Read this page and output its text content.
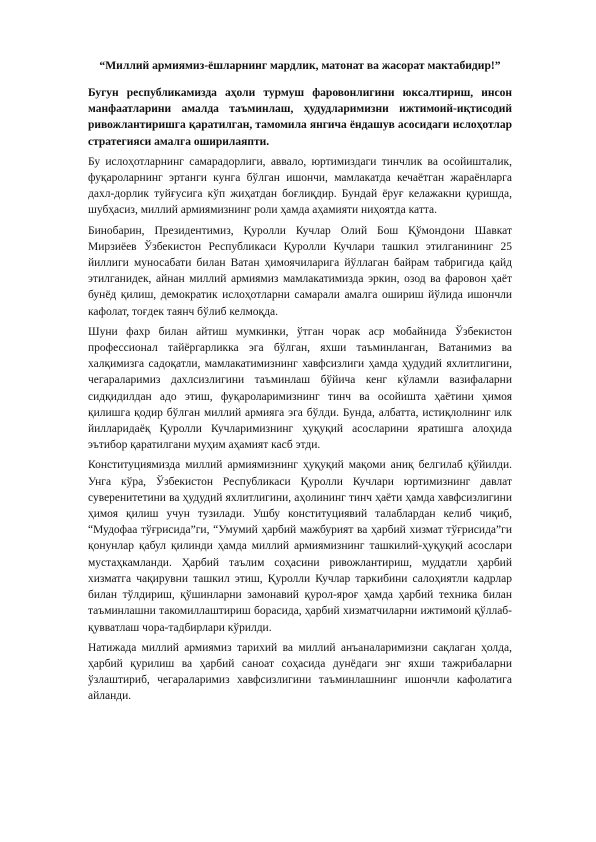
“Миллий армиямиз-ёшларнинг мардлик, матонат ва жасорат мактабидир!”

Бугун республикамизда аҳоли турмуш фаровонлигини юксалтириш, инсон манфаатларини амалда таъминлаш, ҳудудларимизни ижтимоий-иқтисодий ривожлантиришга қаратилган, тамомила янгича ёндашув асосидаги ислоҳотлар стратегияси амалга оширилаяпти.

Бу ислоҳотларнинг самарадорлиги, аввало, юртимиздаги тинчлик ва осойишталик, фуқароларнинг эртанги кунга бўлган ишончи, мамлакатда кечаётган жараёнларга дахл-дорлик туйғусига кўп жиҳатдан боғлиқдир. Бундай ёруғ келажакни қуришда, шубҳасиз, миллий армиямизнинг роли ҳамда аҳамияти ниҳоятда катта.

Бинобарин, Президентимиз, Қуролли Кучлар Олий Бош Қўмондони Шавкат Мирзиёев Ўзбекистон Республикаси Қуролли Кучлари ташкил этилганининг 25 йиллиги муносабати билан Ватан ҳимоячиларига йўллаган байрам табригида қайд этилганидек, айнан миллий армиямиз мамлакатимизда эркин, озод ва фаровон ҳаёт бунёд қилиш, демократик ислоҳотларни самарали амалга ошириш йўлида ишончли кафолат, тоғдек таянч бўлиб келмоқда.

Шуни фахр билан айтиш мумкинки, ўтган чорак аср мобайнида Ўзбекистон профессионал тайёргарликка эга бўлган, яхши таъминланган, Ватанимиз ва халқимизга садоқатли, мамлакатимизнинг хавфсизлиги ҳамда ҳудудий яхлитлигини, чегараларимиз дахлсизлигини таъминлаш бўйича кенг кўламли вазифаларни сидқидилдан адо этиш, фуқароларимизнинг тинч ва осойишта ҳаётини ҳимоя қилишга қодир бўлган миллий армияга эга бўлди. Бунда, албатта, истиқлолнинг илк йилларидаёқ Қуролли Кучларимизнинг ҳуқуқий асосларини яратишга алоҳида эътибор қаратилгани муҳим аҳамият касб этди.

Конституциямизда миллий армиямизнинг ҳуқуқий мақоми аниқ белгилаб қўйилди. Унга кўра, Ўзбекистон Республикаси Қуролли Кучлари юртимизнинг давлат суверенитетини ва ҳудудий яхлитлигини, аҳолининг тинч ҳаёти ҳамда хавфсизлигини ҳимоя қилиш учун тузилади. Ушбу конституциявий талаблардан келиб чиқиб, “Мудофаа тўғрисида”ги, “Умумий ҳарбий мажбурият ва ҳарбий хизмат тўғрисида”ги қонунлар қабул қилинди ҳамда миллий армиямизнинг ташкилий-ҳуқуқий асослари мустаҳкамланди. Ҳарбий таълим соҳасини ривожлантириш, муддатли ҳарбий хизматга чақирувни ташкил этиш, Қуролли Кучлар таркибини салоҳиятли кадрлар билан тўлдириш, қўшинларни замонавий қурол-яроғ ҳамда ҳарбий техника билан таъминлашни такомиллаштириш борасида, ҳарбий хизматчиларни ижтимоий қўллаб-қувватлаш чора-тадбирлари кўрилди.

Натижада миллий армиямиз тарихий ва миллий анъаналаримизни сақлаган ҳолда, ҳарбий қурилиш ва ҳарбий саноат соҳасида дунёдаги энг яхши тажрибаларни ўзлаштириб, чегараларимиз хавфсизлигини таъминлашнинг ишончли кафолатига айланди.
